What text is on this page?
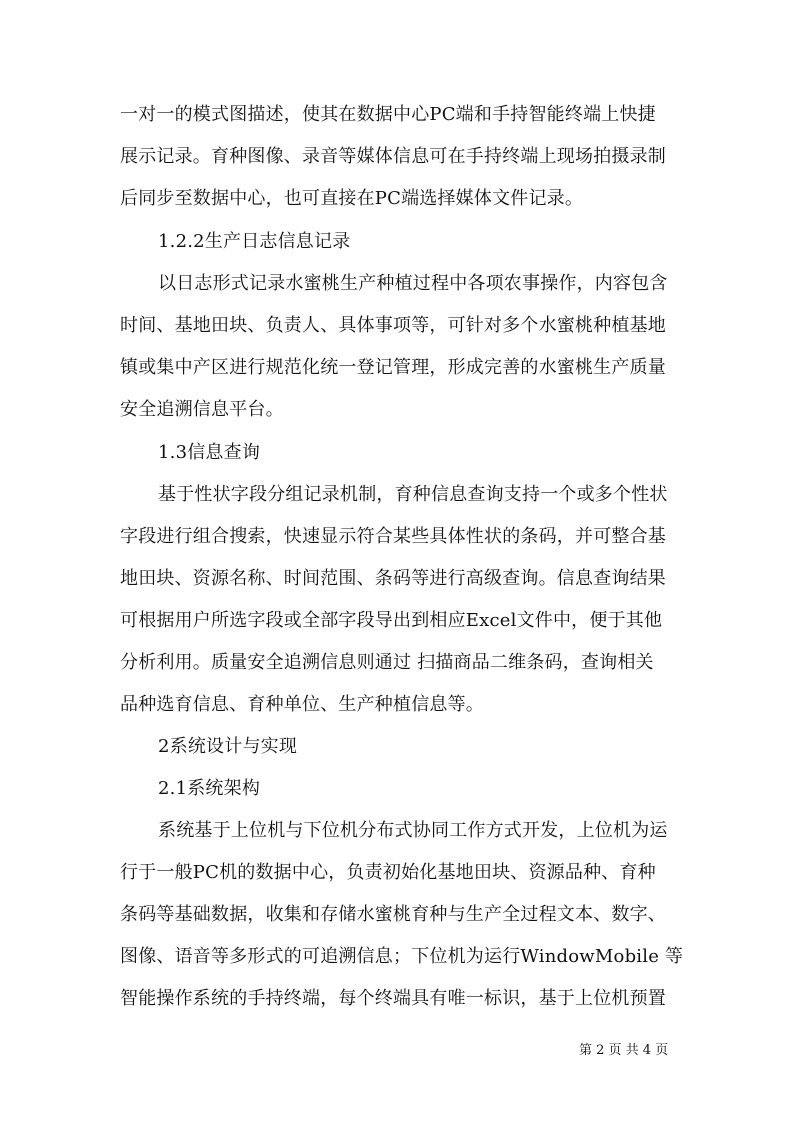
一对一的模式图描述，使其在数据中心PC端和手持智能终端上快捷
展示记录。育种图像、录音等媒体信息可在手持终端上现场拍摄录制
后同步至数据中心，也可直接在PC端选择媒体文件记录。
1.2.2生产日志信息记录
以日志形式记录水蜜桃生产种植过程中各项农事操作，内容包含
时间、基地田块、负责人、具体事项等，可针对多个水蜜桃种植基地
镇或集中产区进行规范化统一登记管理，形成完善的水蜜桃生产质量
安全追溯信息平台。
1.3信息查询
基于性状字段分组记录机制，育种信息查询支持一个或多个性状
字段进行组合搜索，快速显示符合某些具体性状的条码，并可整合基
地田块、资源名称、时间范围、条码等进行高级查询。信息查询结果
可根据用户所选字段或全部字段导出到相应Excel文件中，便于其他
分析利用。质量安全追溯信息则通过 扫描商品二维条码，查询相关
品种选育信息、育种单位、生产种植信息等。
2系统设计与实现
2.1系统架构
系统基于上位机与下位机分布式协同工作方式开发，上位机为运
行于一般PC机的数据中心，负责初始化基地田块、资源品种、育种
条码等基础数据，收集和存储水蜜桃育种与生产全过程文本、数字、
图像、语音等多形式的可追溯信息；下位机为运行WindowMobile 等
智能操作系统的手持终端，每个终端具有唯一标识，基于上位机预置
第 2 页 共 4 页
